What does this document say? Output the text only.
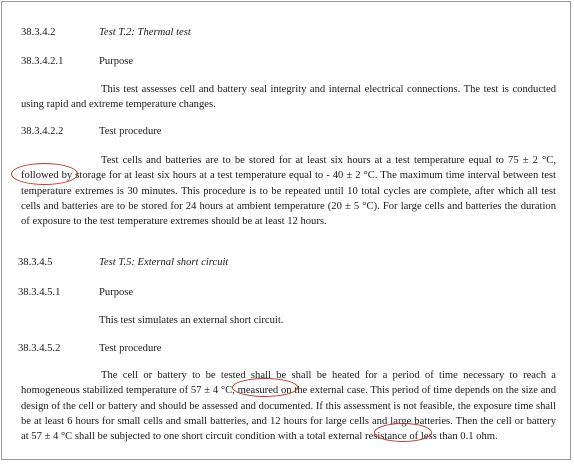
38.3.4.2	Test T.2: Thermal test
38.3.4.2.1	Purpose

This test assesses cell and battery seal integrity and internal electrical connections. The test is conducted using rapid and extreme temperature changes.

38.3.4.2.2	Test procedure

Test cells and batteries are to be stored for at least six hours at a test temperature equal to 75 ± 2 °C, followed by storage for at least six hours at a test temperature equal to - 40 ± 2 °C. The maximum time interval between test temperature extremes is 30 minutes. This procedure is to be repeated until 10 total cycles are complete, after which all test cells and batteries are to be stored for 24 hours at ambient temperature (20 ± 5 °C). For large cells and batteries the duration of exposure to the test temperature extremes should be at least 12 hours.

38.3.4.5	Test T.5: External short circuit
38.3.4.5.1	Purpose
This test simulates an external short circuit.
38.3.4.5.2	Test procedure

The cell or battery to be tested shall be shall be heated for a period of time necessary to reach a homogeneous stabilized temperature of 57 ± 4 °C, measured on the external case. This period of time depends on the size and design of the cell or battery and should be assessed and documented. If this assessment is not feasible, the exposure time shall be at least 6 hours for small cells and small batteries, and 12 hours for large cells and large batteries. Then the cell or battery at 57 ± 4 °C shall be subjected to one short circuit condition with a total external resistance of less than 0.1 ohm.
